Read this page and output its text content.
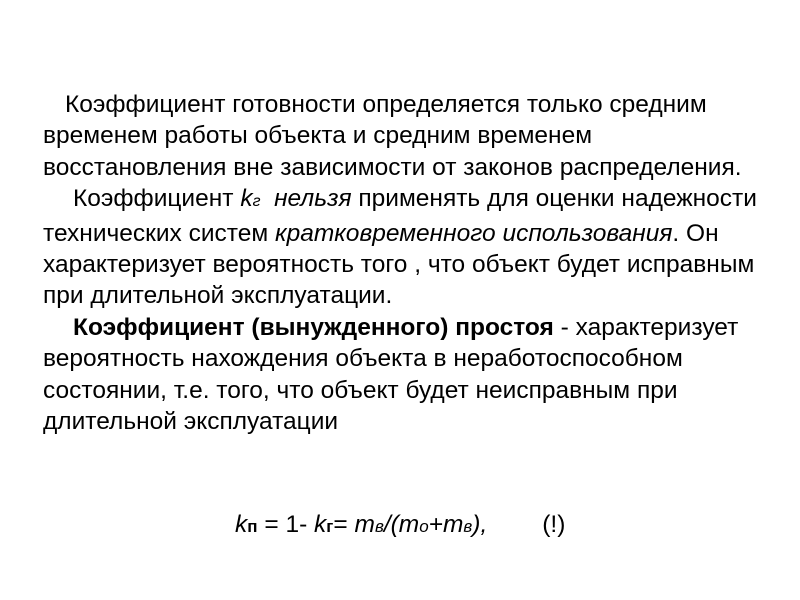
Коэффициент готовности определяется только средним временем работы объекта и средним временем восстановления вне зависимости от законов распределения.

Коэффициент kг нельзя применять для оценки надежности технических систем кратковременного использования. Он характеризует вероятность того , что объект будет исправным при длительной эксплуатации.

Коэффициент (вынужденного) простоя - характеризует вероятность нахождения объекта в неработоспособном состоянии, т.е. того, что объект будет неисправным при длительной эксплуатации

kп = 1- kг= mв/(mо+mв), (!)
